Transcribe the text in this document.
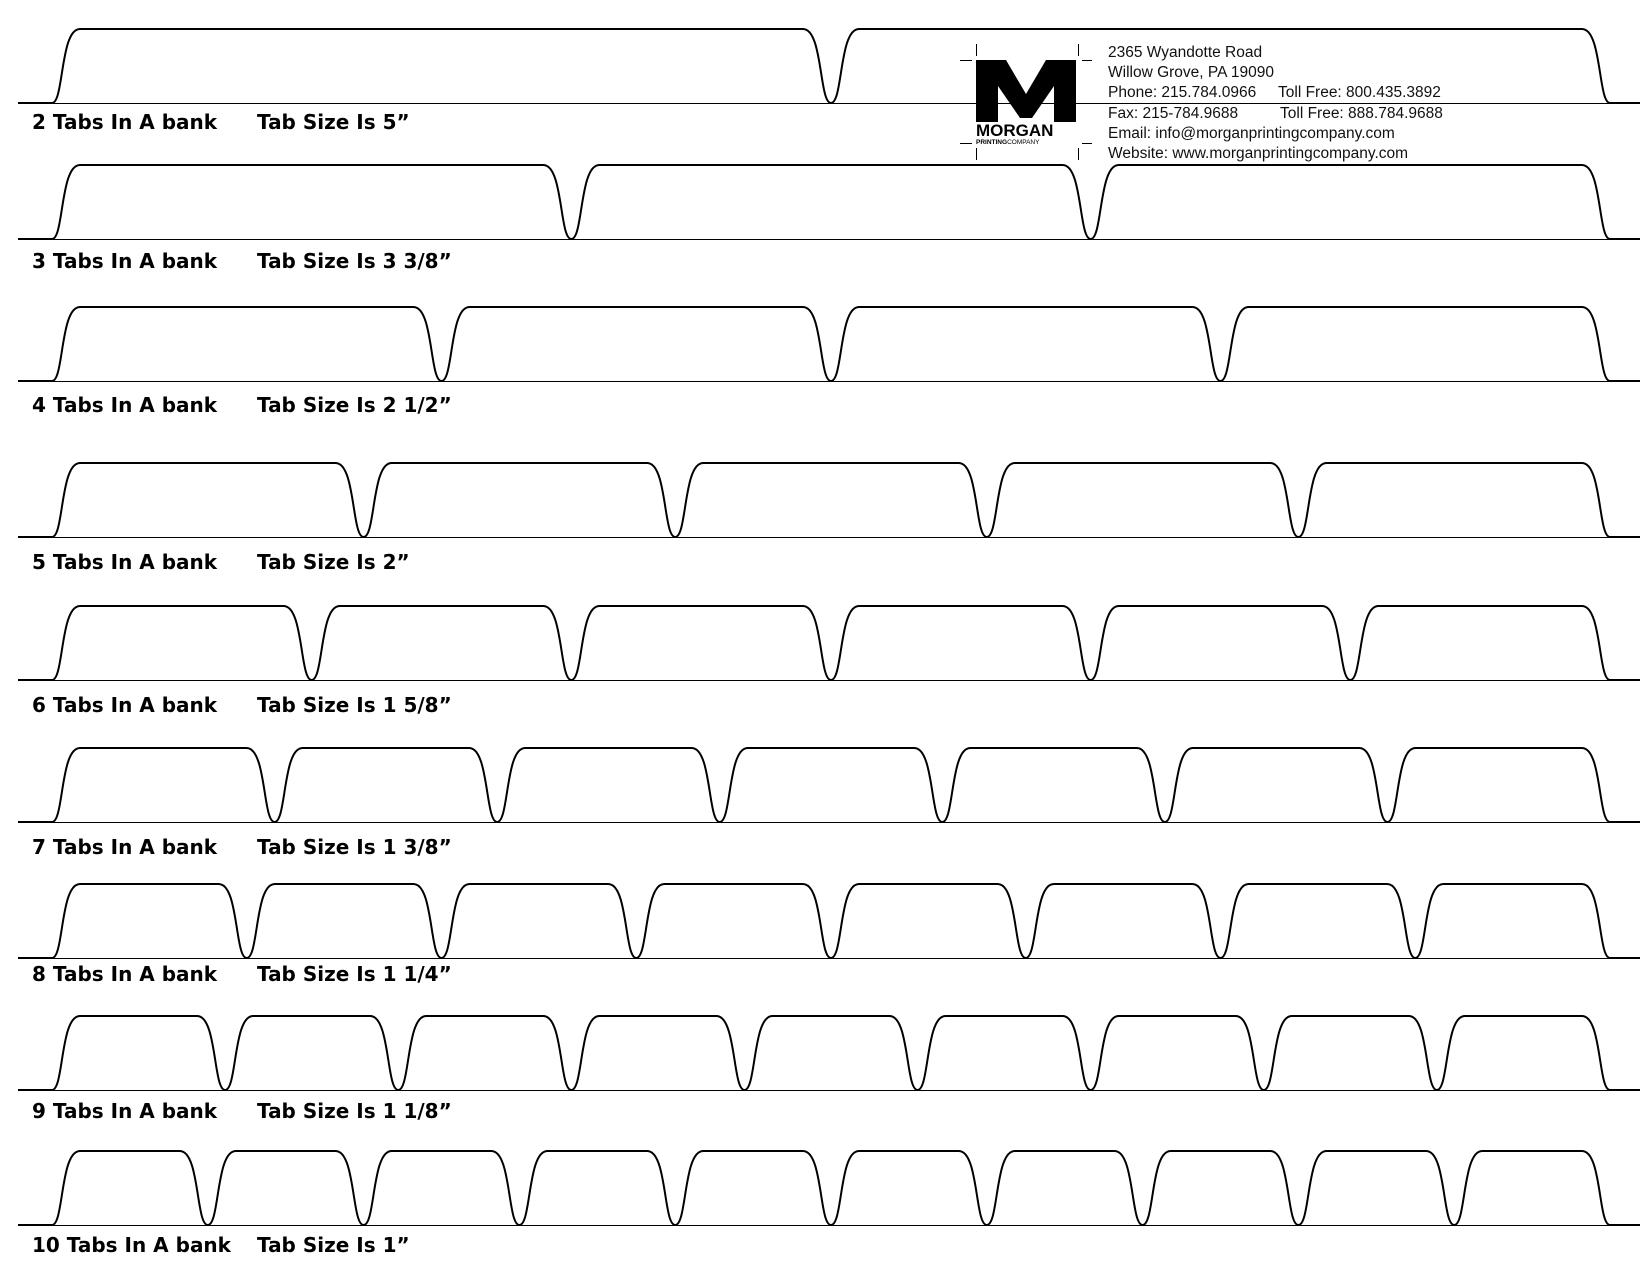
2 Tabs In A bank Tab Size Is 5”
3 Tabs In A bank Tab Size Is 3 3/8”
4 Tabs In A bank Tab Size Is 2 1/2”
5 Tabs In A bank Tab Size Is 2”
6 Tabs In A bank Tab Size Is 1 5/8”
7 Tabs In A bank Tab Size Is 1 3/8”
8 Tabs In A bank Tab Size Is 1 1/4”
9 Tabs In A bank Tab Size Is 1 1/8”
10 Tabs In A bank Tab Size Is 1”
MORGAN
PRINTINGCOMPANY
2365 Wyandotte Road
Willow Grove, PA 19090
Phone: 215.784.0966 Toll Free: 800.435.3892
Fax: 215-784.9688	Toll Free: 888.784.9688
Email: info@morganprintingcompany.com
Website: www.morganprintingcompany.com
